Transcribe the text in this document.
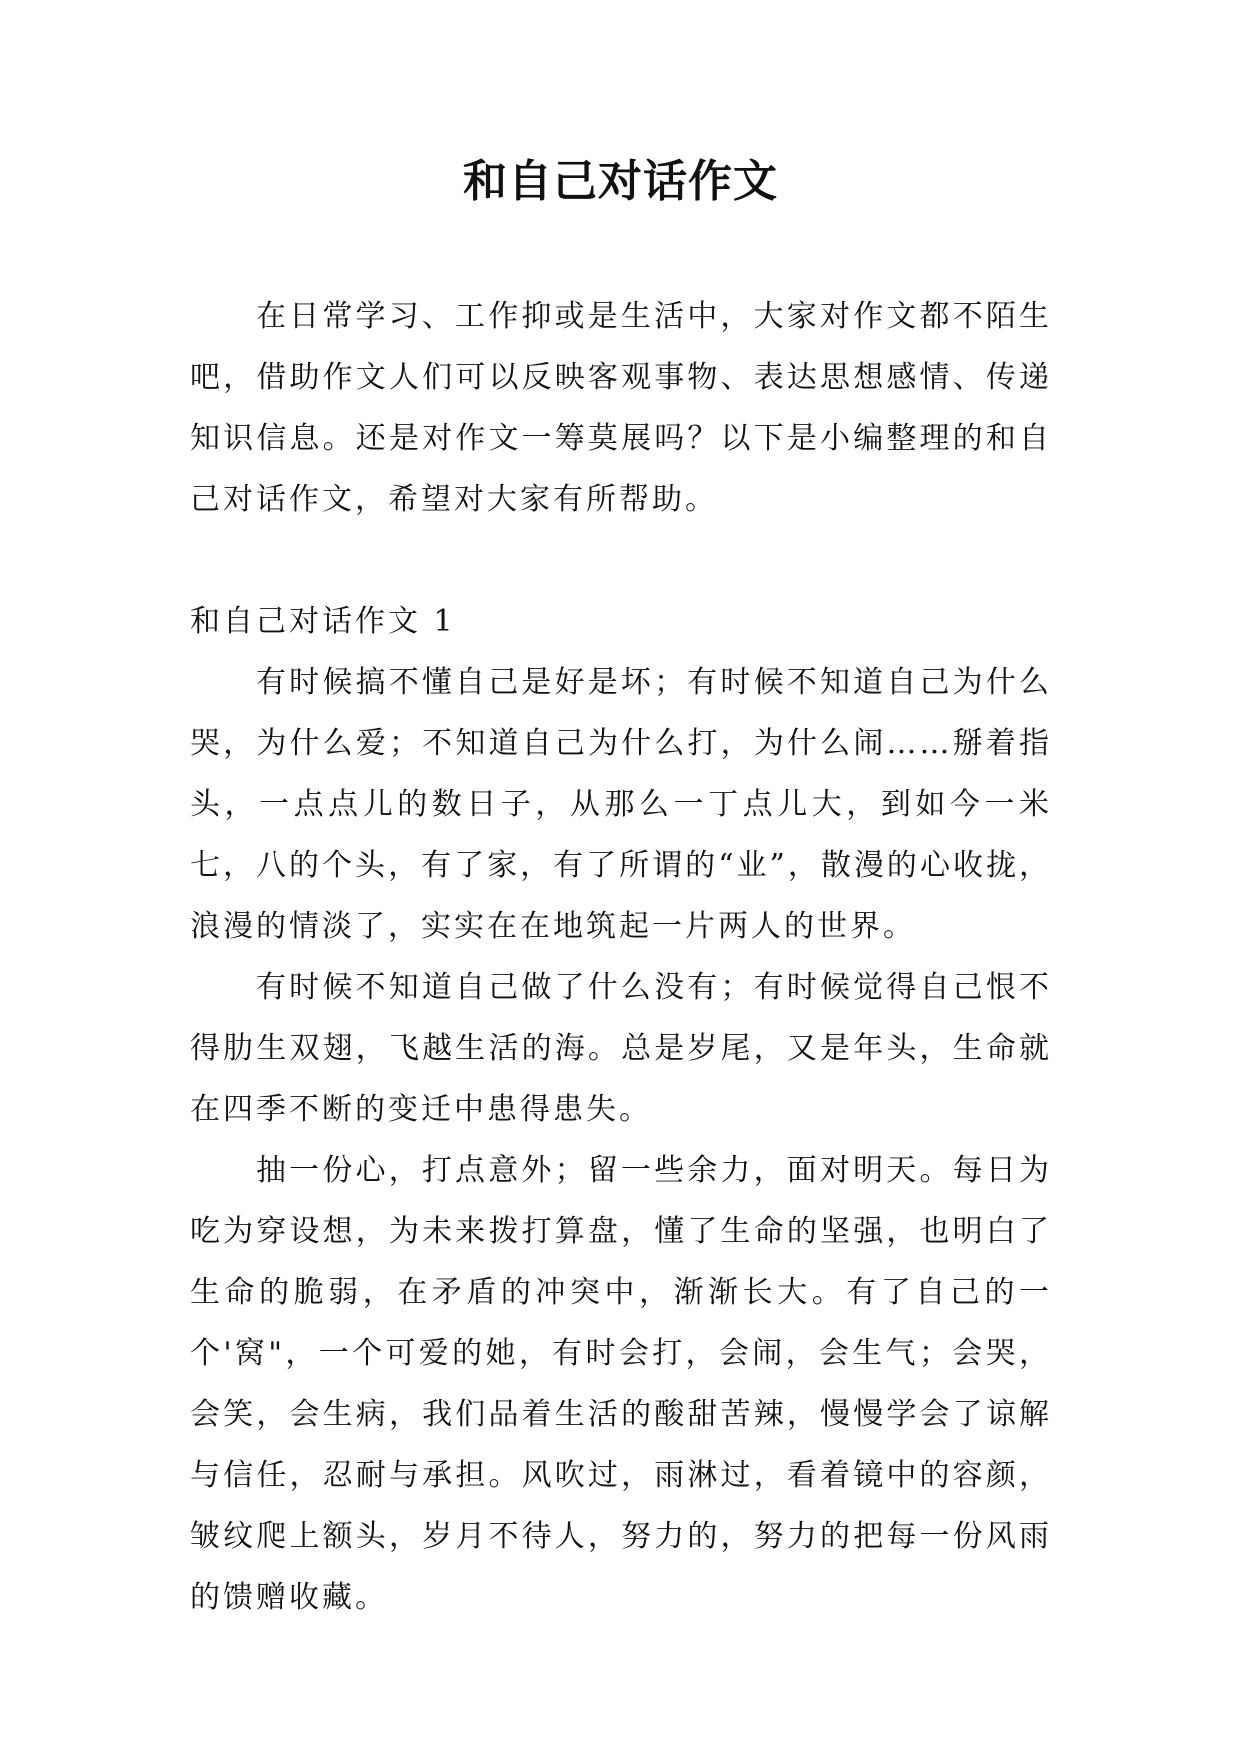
和自己对话作文

在日常学习、工作抑或是生活中，大家对作文都不陌生吧，借助作文人们可以反映客观事物、表达思想感情、传递知识信息。还是对作文一筹莫展吗？以下是小编整理的和自己对话作文，希望对大家有所帮助。

和自己对话作文 1

有时候搞不懂自己是好是坏；有时候不知道自己为什么哭，为什么爱；不知道自己为什么打，为什么闹……掰着指头，一点点儿的数日子，从那么一丁点儿大，到如今一米七，八的个头，有了家，有了所谓的“业”，散漫的心收拢，浪漫的情淡了，实实在在地筑起一片两人的世界。

有时候不知道自己做了什么没有；有时候觉得自己恨不得肋生双翅，飞越生活的海。总是岁尾，又是年头，生命就在四季不断的变迁中患得患失。

抽一份心，打点意外；留一些余力，面对明天。每日为吃为穿设想，为未来拨打算盘，懂了生命的坚强，也明白了生命的脆弱，在矛盾的冲突中，渐渐长大。有了自己的一个'窝"，一个可爱的她，有时会打，会闹，会生气；会哭，会笑，会生病，我们品着生活的酸甜苦辣，慢慢学会了谅解与信任，忍耐与承担。风吹过，雨淋过，看着镜中的容颜，皱纹爬上额头，岁月不待人，努力的，努力的把每一份风雨的馈赠收藏。
